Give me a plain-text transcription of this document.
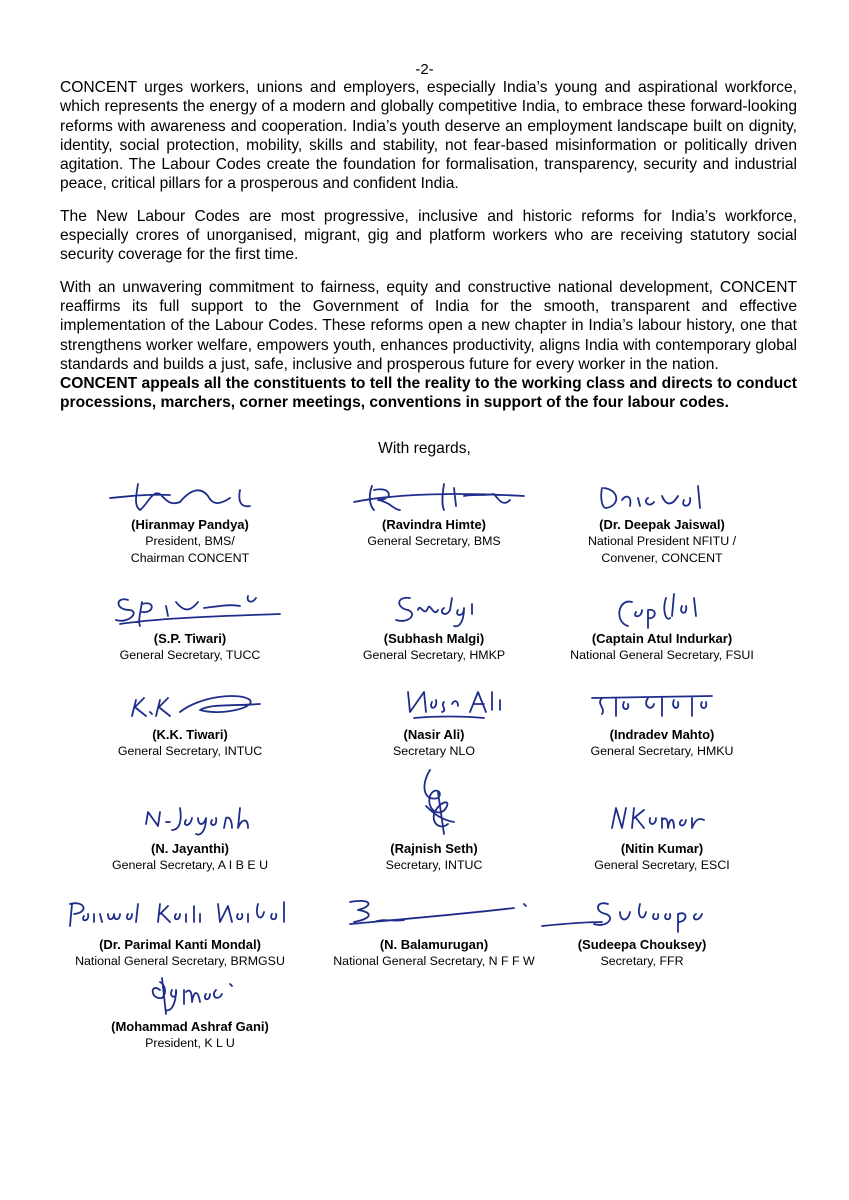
-2-

CONCENT urges workers, unions and employers, especially India’s young and aspirational workforce, which represents the energy of a modern and globally competitive India, to embrace these forward-looking reforms with awareness and cooperation. India’s youth deserve an employment landscape built on dignity, identity, social protection, mobility, skills and stability, not fear-based misinformation or politically driven agitation. The Labour Codes create the foundation for formalisation, transparency, security and industrial peace, critical pillars for a prosperous and confident India.

The New Labour Codes are most progressive, inclusive and historic reforms for India’s workforce, especially crores of unorganised, migrant, gig and platform workers who are receiving statutory social security coverage for the first time.

With an unwavering commitment to fairness, equity and constructive national development, CONCENT reaffirms its full support to the Government of India for the smooth, transparent and effective implementation of the Labour Codes. These reforms open a new chapter in India’s labour history, one that strengthens worker welfare, empowers youth, enhances productivity, aligns India with contemporary global standards and builds a just, safe, inclusive and prosperous future for every worker in the nation.

CONCENT appeals all the constituents to tell the reality to the working class and directs to conduct processions, marchers, corner meetings, conventions in support of the four labour codes.

With regards,
(Hiranmay Pandya)
President, BMS/
Chairman CONCENT
(Ravindra Himte)
General Secretary, BMS
(Dr. Deepak Jaiswal)
National President NFITU /
Convener, CONCENT
(S.P. Tiwari)
General Secretary, TUCC
(Subhash Malgi)
General Secretary, HMKP
(Captain Atul Indurkar)
National General Secretary, FSUI
(K.K. Tiwari)
General Secretary, INTUC
(Nasir Ali)
Secretary NLO
(Indradev Mahto)
General Secretary, HMKU
(N. Jayanthi)
General Secretary, A I B E U
(Rajnish Seth)
Secretary, INTUC
(Nitin Kumar)
General Secretary, ESCI
(Dr. Parimal Kanti Mondal)
National General Secretary, BRMGSU
(N. Balamurugan)
National General Secretary, N F F W
(Sudeepa Chouksey)
Secretary, FFR
(Mohammad Ashraf Gani)
President, K L U
